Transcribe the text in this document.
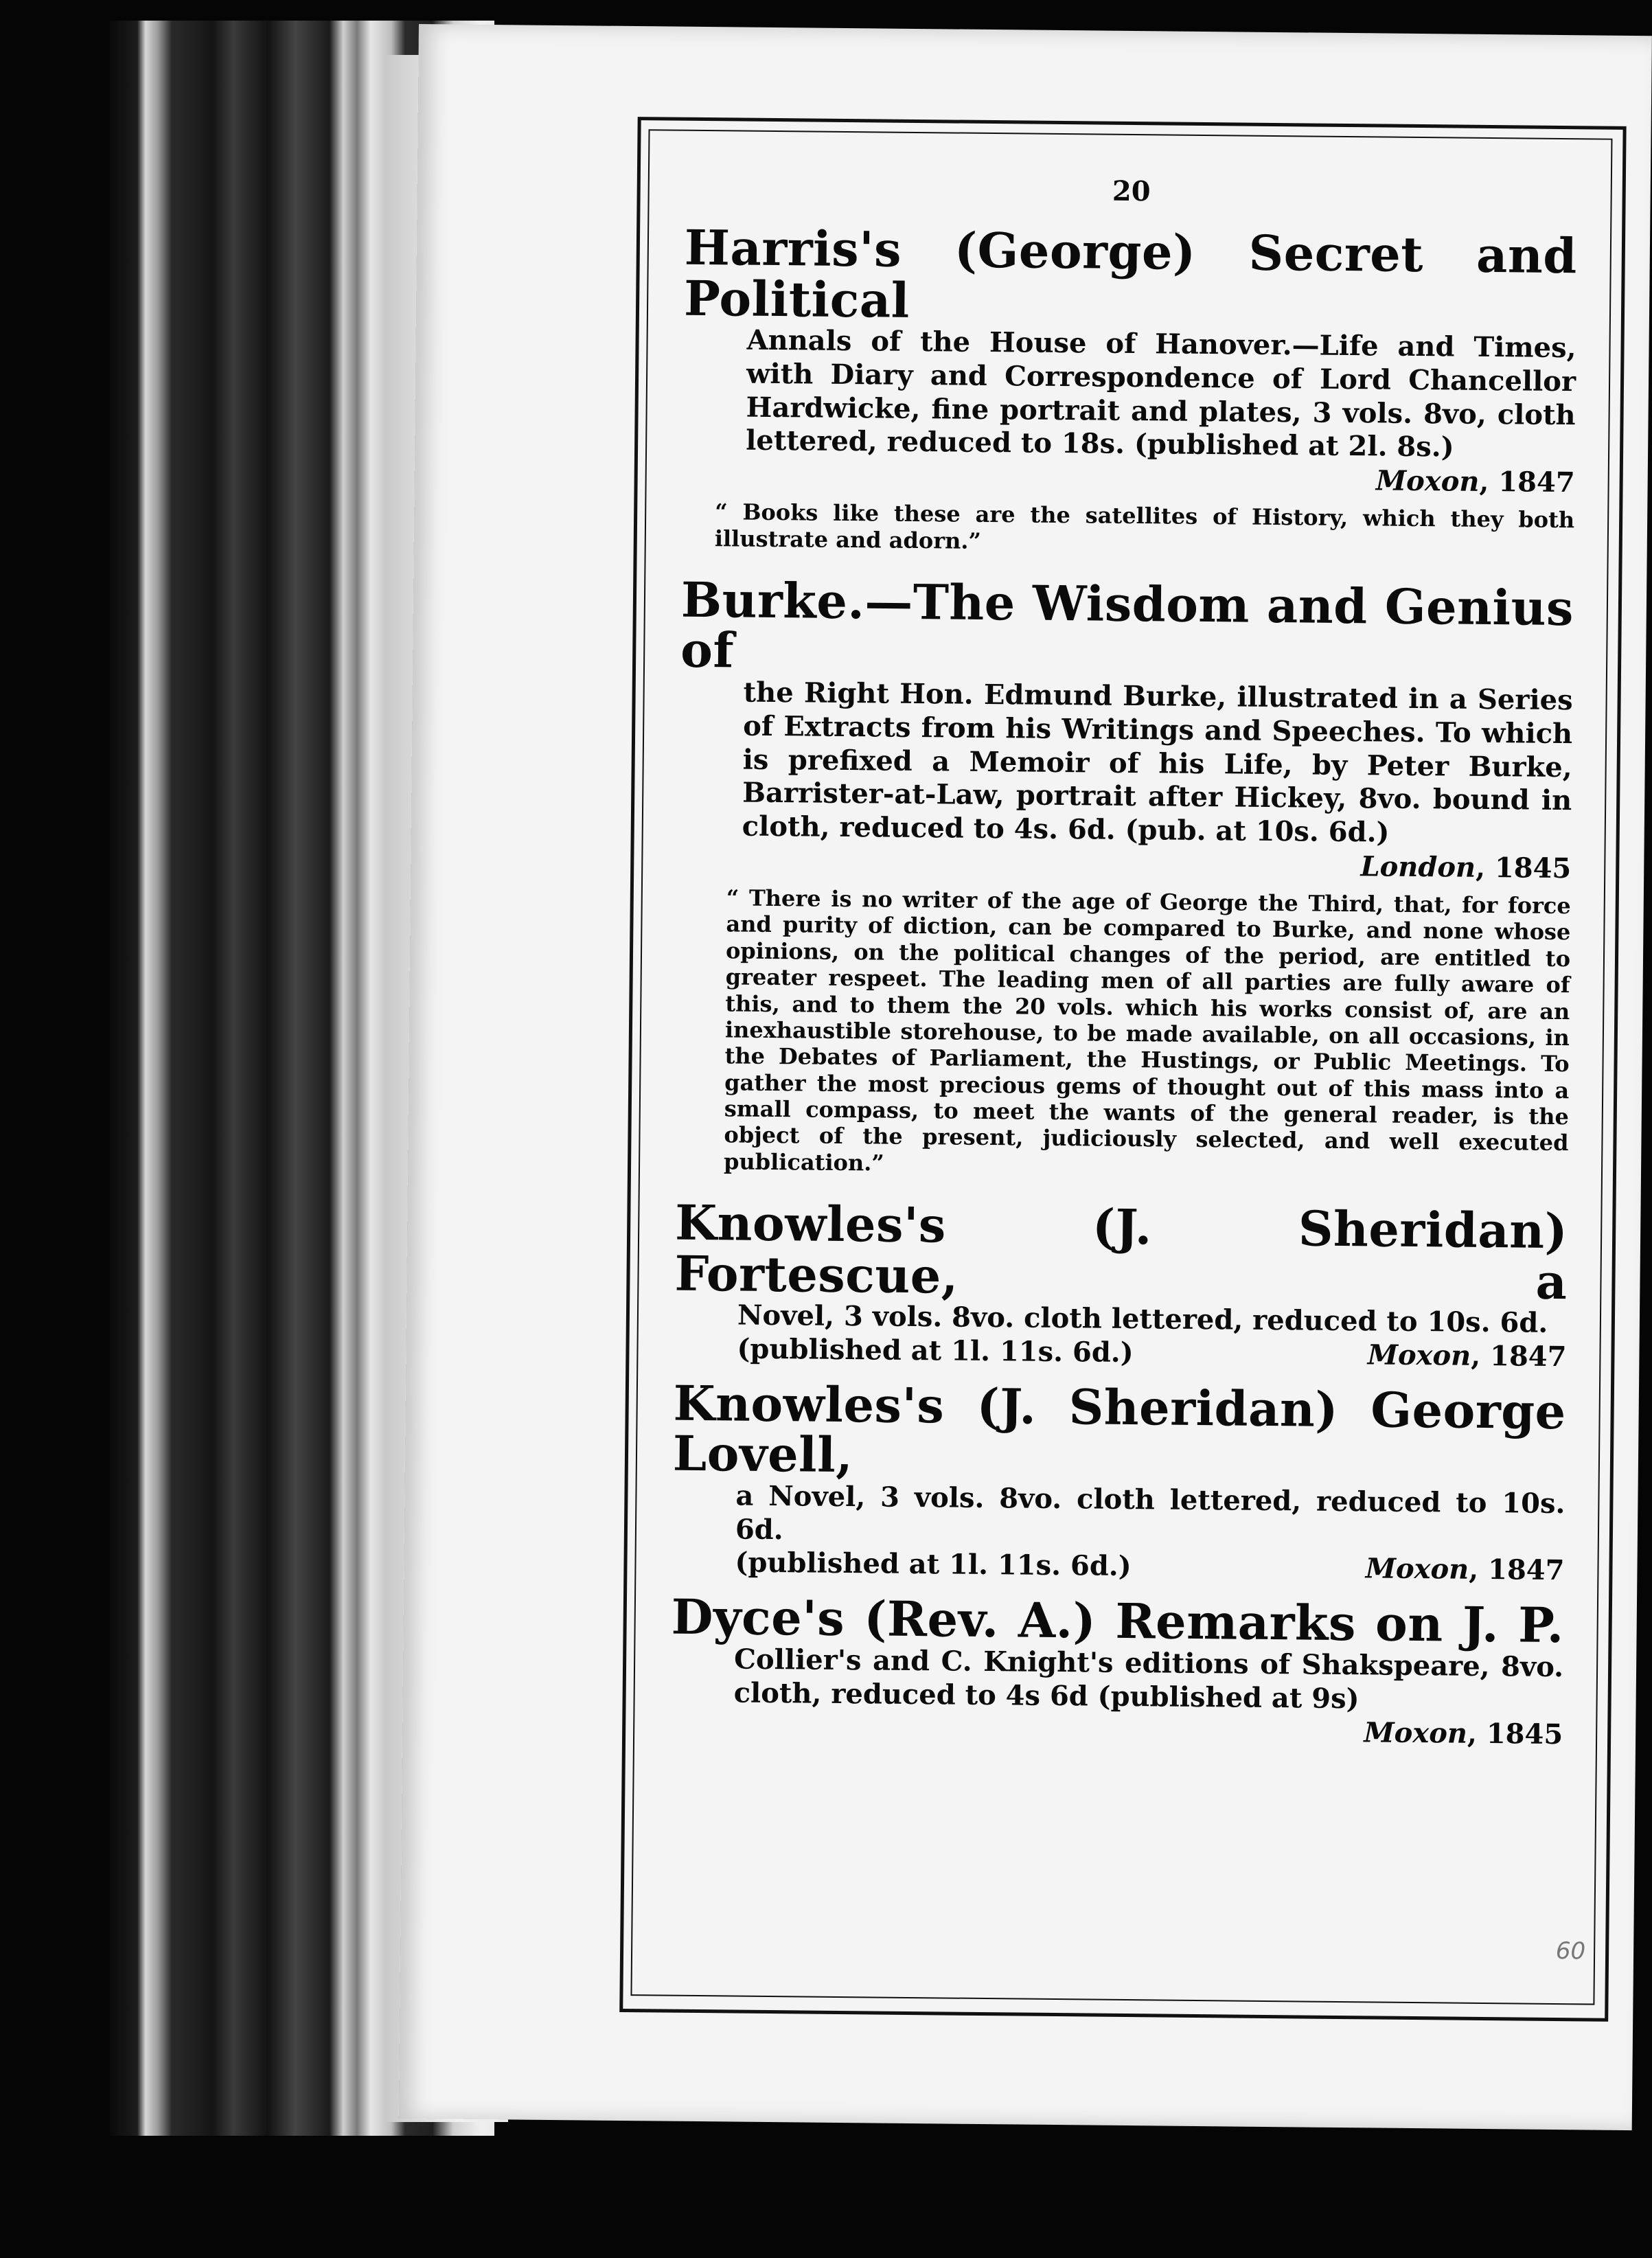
20
Harris's (George) Secret and Political
Annals of the House of Hanover.—Life and Times, with Diary and Correspondence of Lord Chancellor Hardwicke, fine portrait and plates, 3 vols. 8vo, cloth lettered, reduced to 18s. (published at 2l. 8s.)
Moxon, 1847
“ Books like these are the satellites of History, which they both illustrate and adorn.”
Burke.—The Wisdom and Genius of
the Right Hon. Edmund Burke, illustrated in a Series of Extracts from his Writings and Speeches. To which is prefixed a Memoir of his Life, by Peter Burke, Barrister-at-Law, portrait after Hickey, 8vo. bound in cloth, reduced to 4s. 6d. (pub. at 10s. 6d.)
London, 1845
“ There is no writer of the age of George the Third, that, for force and purity of diction, can be compared to Burke, and none whose opinions, on the political changes of the period, are entitled to greater respeet. The leading men of all parties are fully aware of this, and to them the 20 vols. which his works consist of, are an inexhaustible storehouse, to be made available, on all occasions, in the Debates of Parliament, the Hustings, or Public Meetings. To gather the most precious gems of thought out of this mass into a small compass, to meet the wants of the general reader, is the object of the present, judiciously selected, and well executed publication.”
Knowles's (J. Sheridan) Fortescue, a
Novel, 3 vols. 8vo. cloth lettered, reduced to 10s. 6d.
(published at 1l. 11s. 6d.)	Moxon, 1847
Knowles's (J. Sheridan) George Lovell,
a Novel, 3 vols. 8vo. cloth lettered, reduced to 10s. 6d.
(published at 1l. 11s. 6d.)	Moxon, 1847
Dyce's (Rev. A.) Remarks on J. P.
Collier's and C. Knight's editions of Shakspeare, 8vo. cloth, reduced to 4s 6d (published at 9s)
Moxon, 1845
60
